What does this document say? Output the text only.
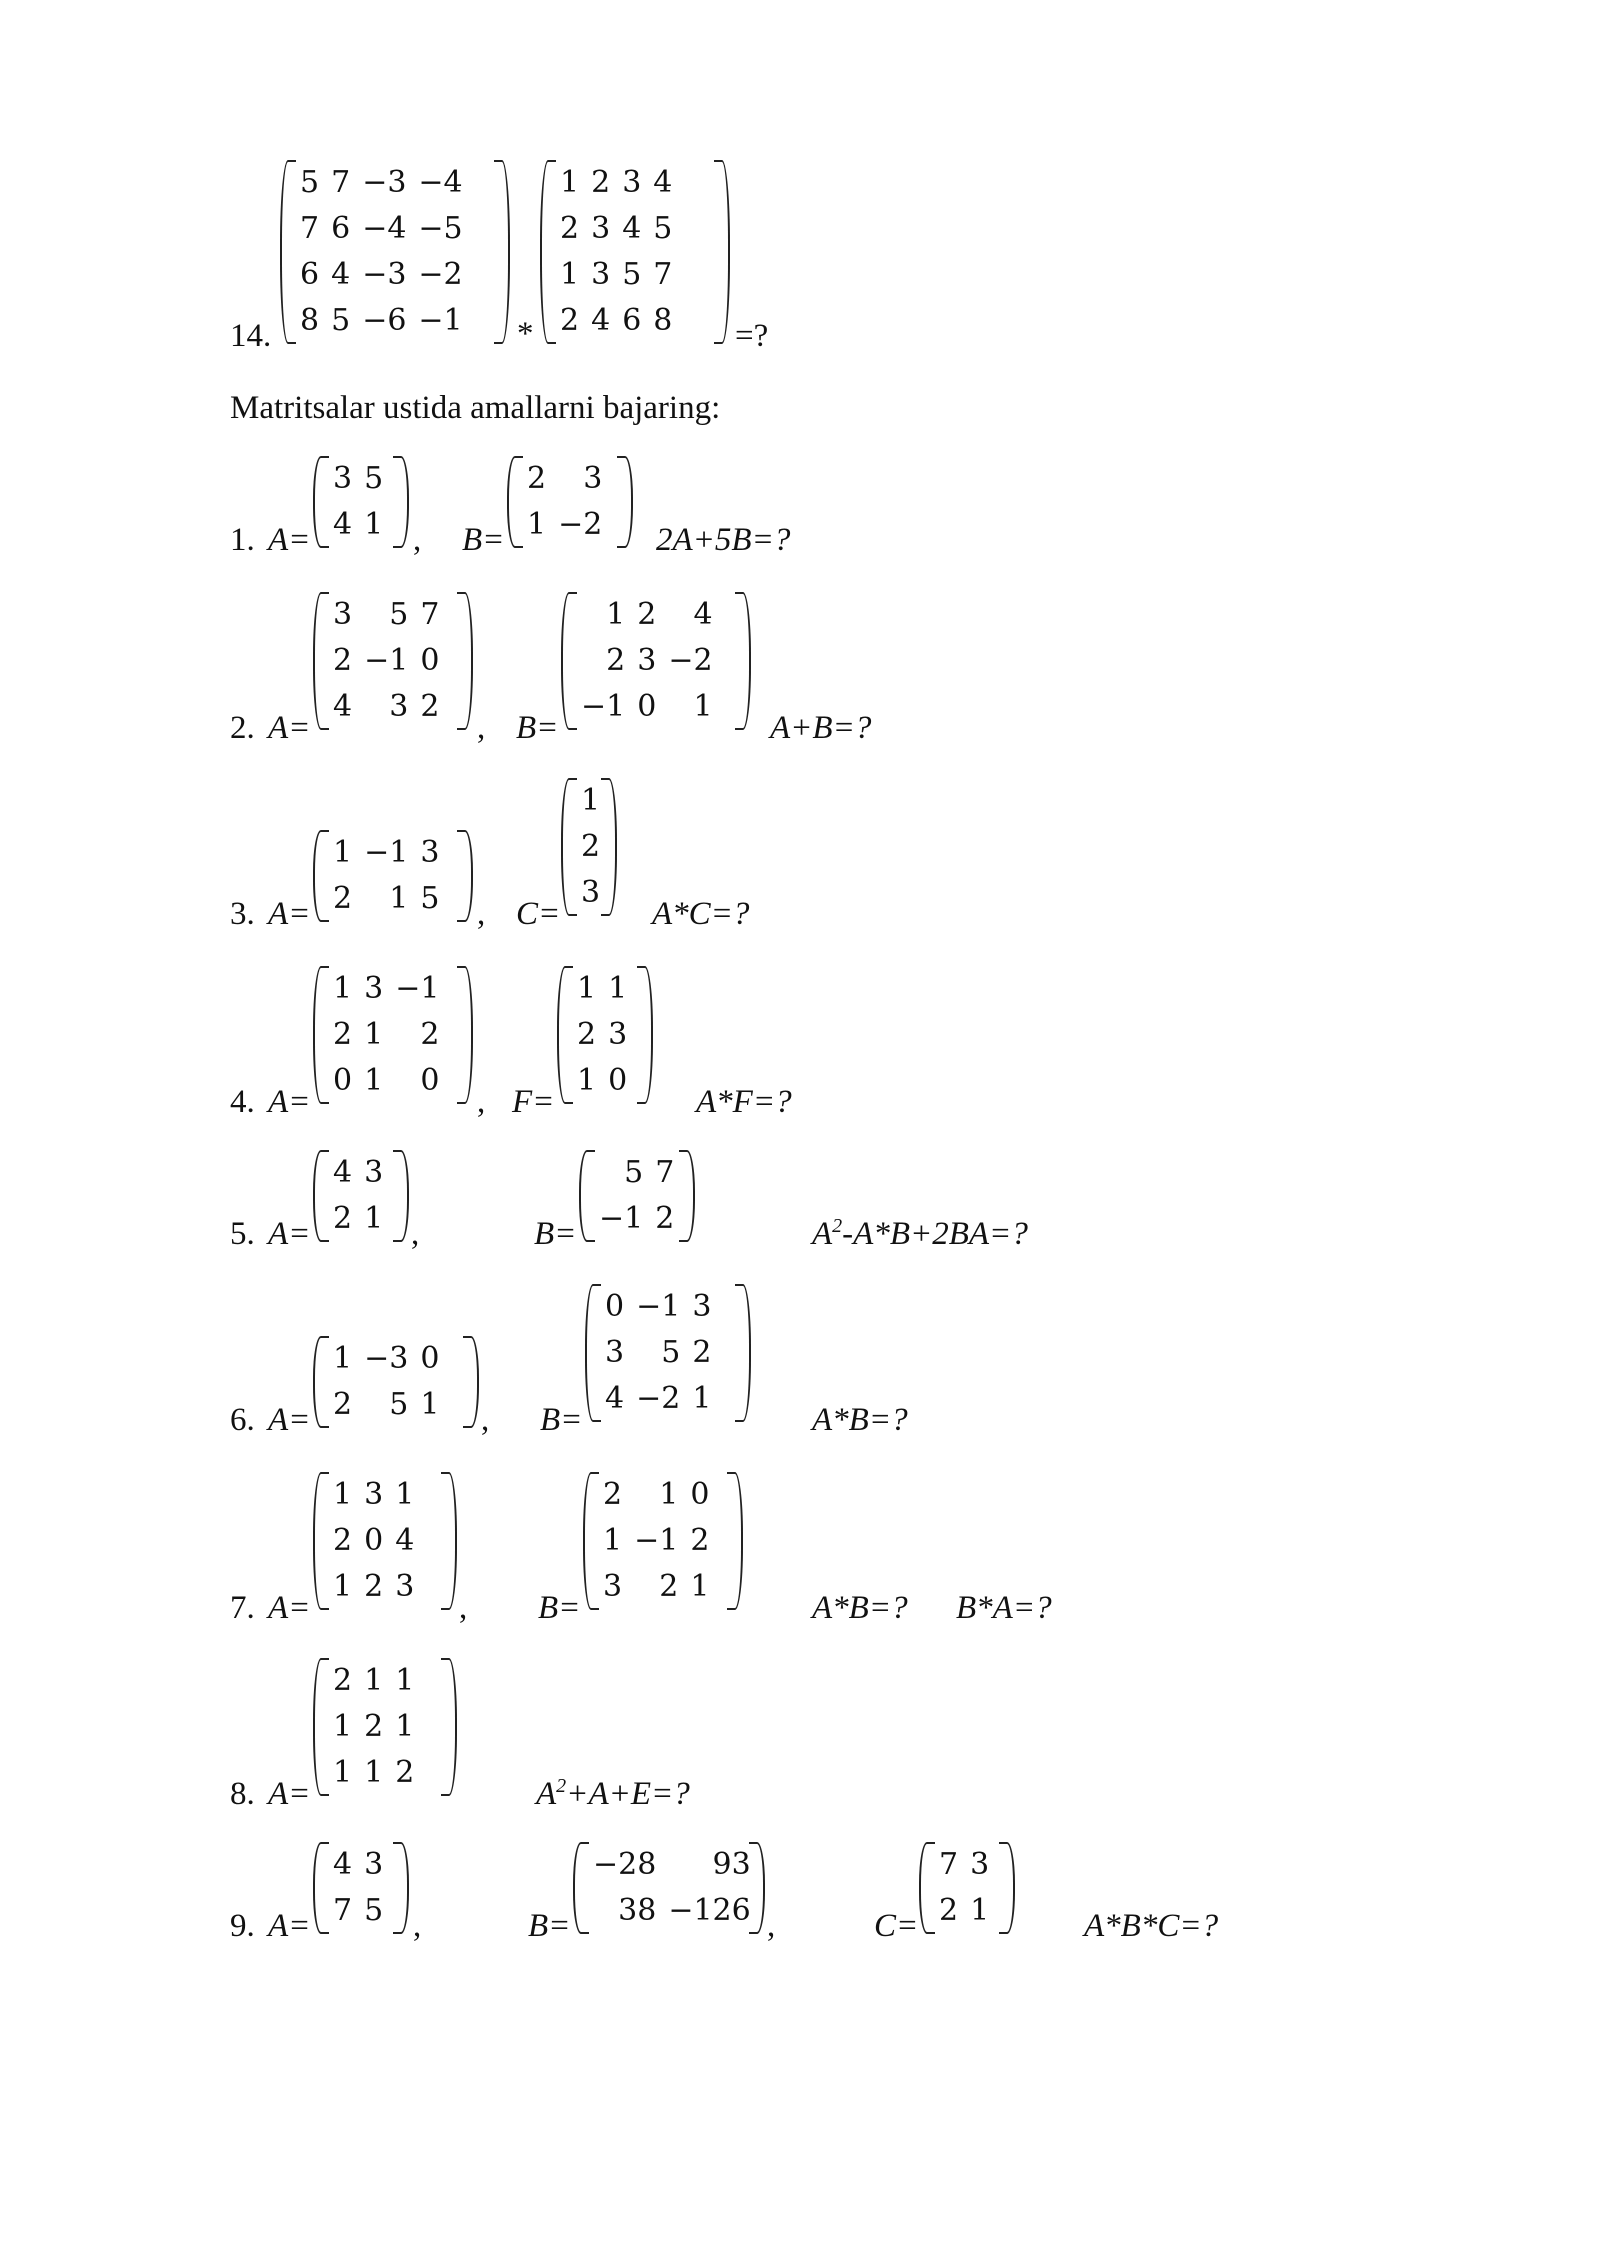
14.
5	7	−3	−4
7	6	−4	−5
6	4	−3	−2
8	5	−6	−1 *
1	2	3	4
2	3	4	5
1	3	5	7
2	4	6	8 =?
Matritsalar ustida amallarni bajaring:
1. A=
3	5
4	1 , B=
2	3
1	−2 2A+5B=?
2. A=
3	5	7
2	−1	0
4	3	2
, B=
1	2	4
2	3	−2
−1	0	1
A+B=?
3. A=
1	−1	3
2	1	5 , C=
1
2
3
A*C=?
4. A=
1	3	−1
2	1	2
0	1	0
, F=
1	1
2	3
1	0
A*F=?
5. A=
4	3
2	1 ,	B=
5	7
−1	2	$A^2-A*B+2BA=$?
6. A=
1	−3	0
2	5	1 , B=
0	−1	3
3	5	2
4	−2	1
A*B=?
7. A=
1	3	1
2	0	4
1	2	3
, B=
2	1	0
1	−1	2
3	2	1
A*B=? B*A=?
8. A=
2	1	1
1	2	1
1	1	2
$A^2+A+E=$?
9. A=
4	3
7	5 ,	B=
−28	93
38	−126 ,	C=
7	3
2	1	A*B*C=?
